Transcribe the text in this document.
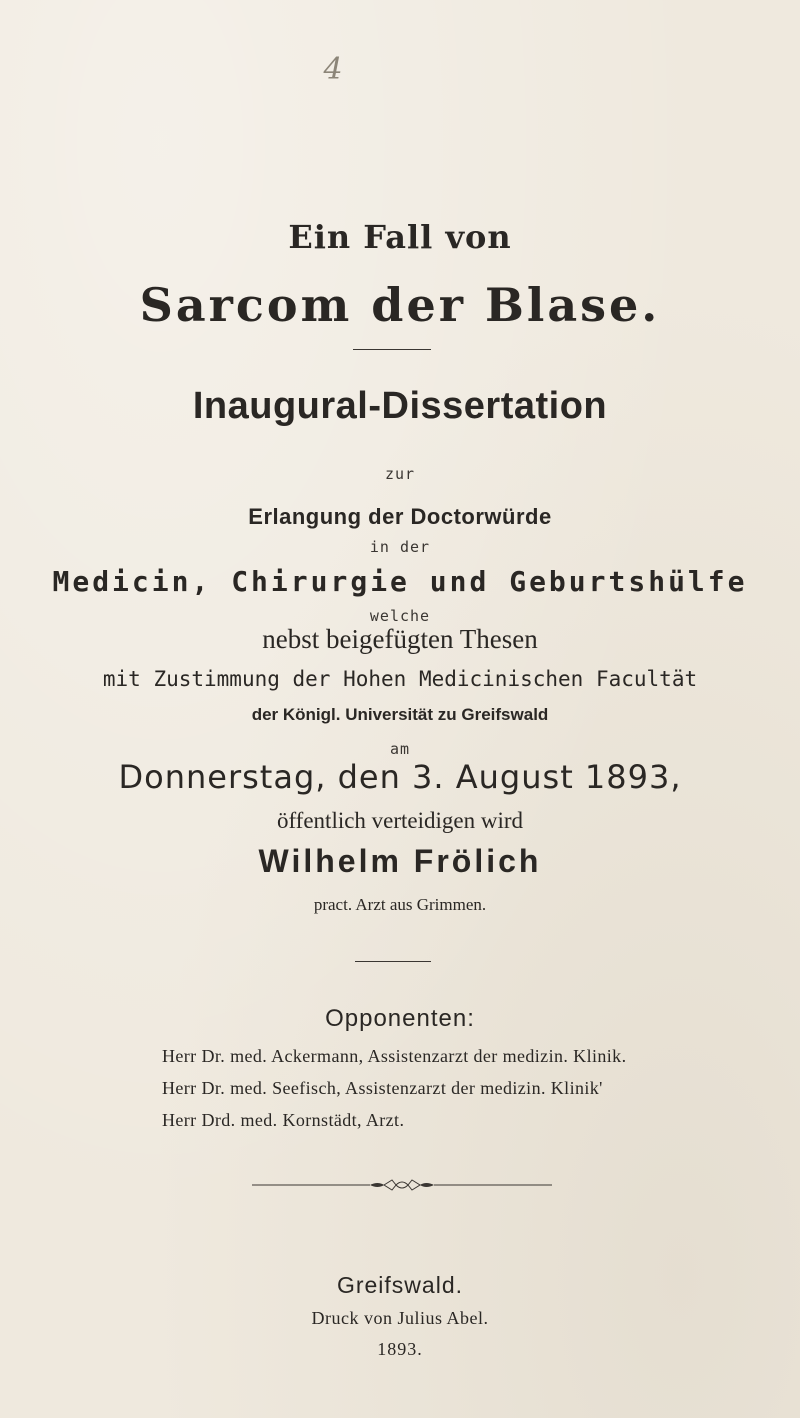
4
Ein Fall von
Sarcom der Blase.
Inaugural-Dissertation
zur
Erlangung der Doctorwürde
in der
Medicin, Chirurgie und Geburtshülfe
welche
nebst beigefügten Thesen
mit Zustimmung der Hohen Medicinischen Facultät
der Königl. Universität zu Greifswald
am
Donnerstag, den 3. August 1893,
öffentlich verteidigen wird
Wilhelm Frölich
pract. Arzt aus Grimmen.
Opponenten:
Herr Dr. med. Ackermann, Assistenzarzt der medizin. Klinik.
Herr Dr. med. Seefisch, Assistenzarzt der medizin. Klinik'
Herr Drd. med. Kornstädt, Arzt.
Greifswald.
Druck von Julius Abel.
1893.
